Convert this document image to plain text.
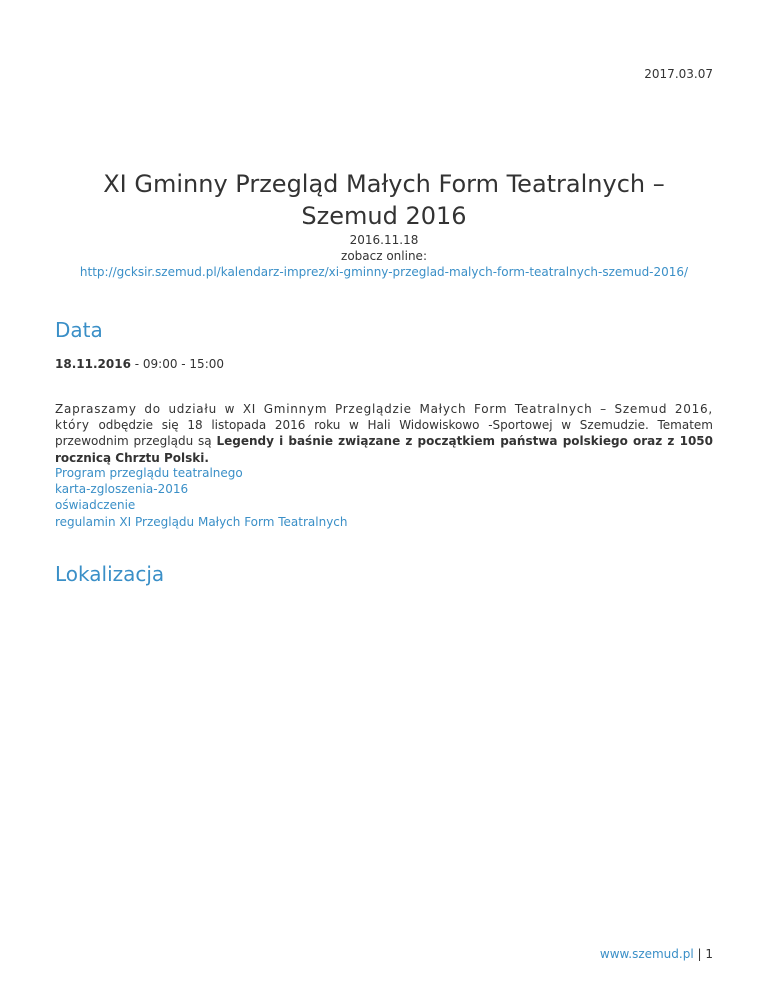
2017.03.07
XI Gminny Przegląd Małych Form Teatralnych – Szemud 2016
2016.11.18
zobacz online:
http://gcksir.szemud.pl/kalendarz-imprez/xi-gminny-przeglad-malych-form-teatralnych-szemud-2016/
Data
18.11.2016 - 09:00 - 15:00
Zapraszamy do udziału w XI Gminnym Przeglądzie Małych Form Teatralnych – Szemud 2016, który odbędzie się 18 listopada 2016 roku w Hali Widowiskowo -Sportowej w Szemudzie. Tematem przewodnim przeglądu są Legendy i baśnie związane z początkiem państwa polskiego oraz z 1050 rocznicą Chrztu Polski.
Program przeglądu teatralnego
karta-zgloszenia-2016
oświadczenie
regulamin XI Przeglądu Małych Form Teatralnych
Lokalizacja
www.szemud.pl | 1
